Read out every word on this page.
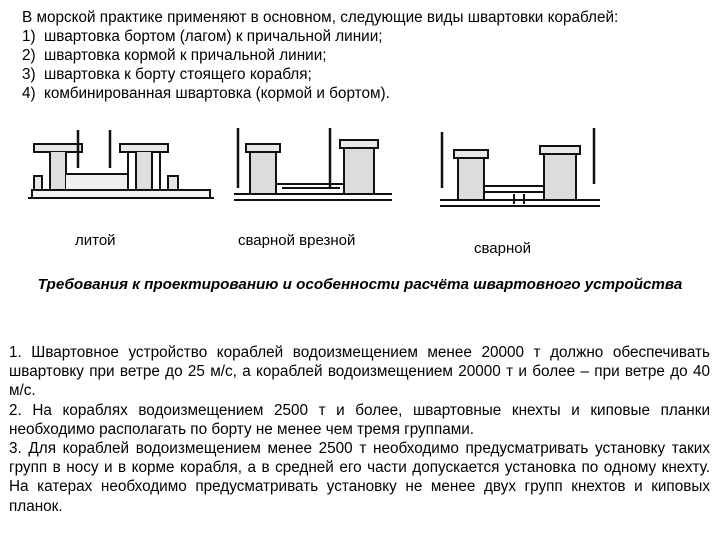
В морской практике применяют в основном, следующие виды швартовки кораблей:
1) швартовка бортом (лагом) к причальной линии;
2) швартовка кормой к причальной линии;
3) швартовка к борту стоящего корабля;
4) комбинированная швартовка (кормой и бортом).
литой	сварной врезной	сварной
Требования к проектированию и особенности расчёта швартовного устройства

1. Швартовное устройство кораблей водоизмещением менее 20000 т должно обеспечивать швартовку при ветре до 25 м/с, а кораблей водоизмещением 20000 т и более – при ветре до 40 м/с.

2. На кораблях водоизмещением 2500 т и более, швартовные кнехты и киповые планки необходимо располагать по борту не менее чем тремя группами.

3. Для кораблей водоизмещением менее 2500 т необходимо предусматривать установку таких групп в носу и в корме корабля, а в средней его части допускается установка по одному кнехту. На катерах необходимо предусматривать установку не менее двух групп кнехтов и киповых планок.
